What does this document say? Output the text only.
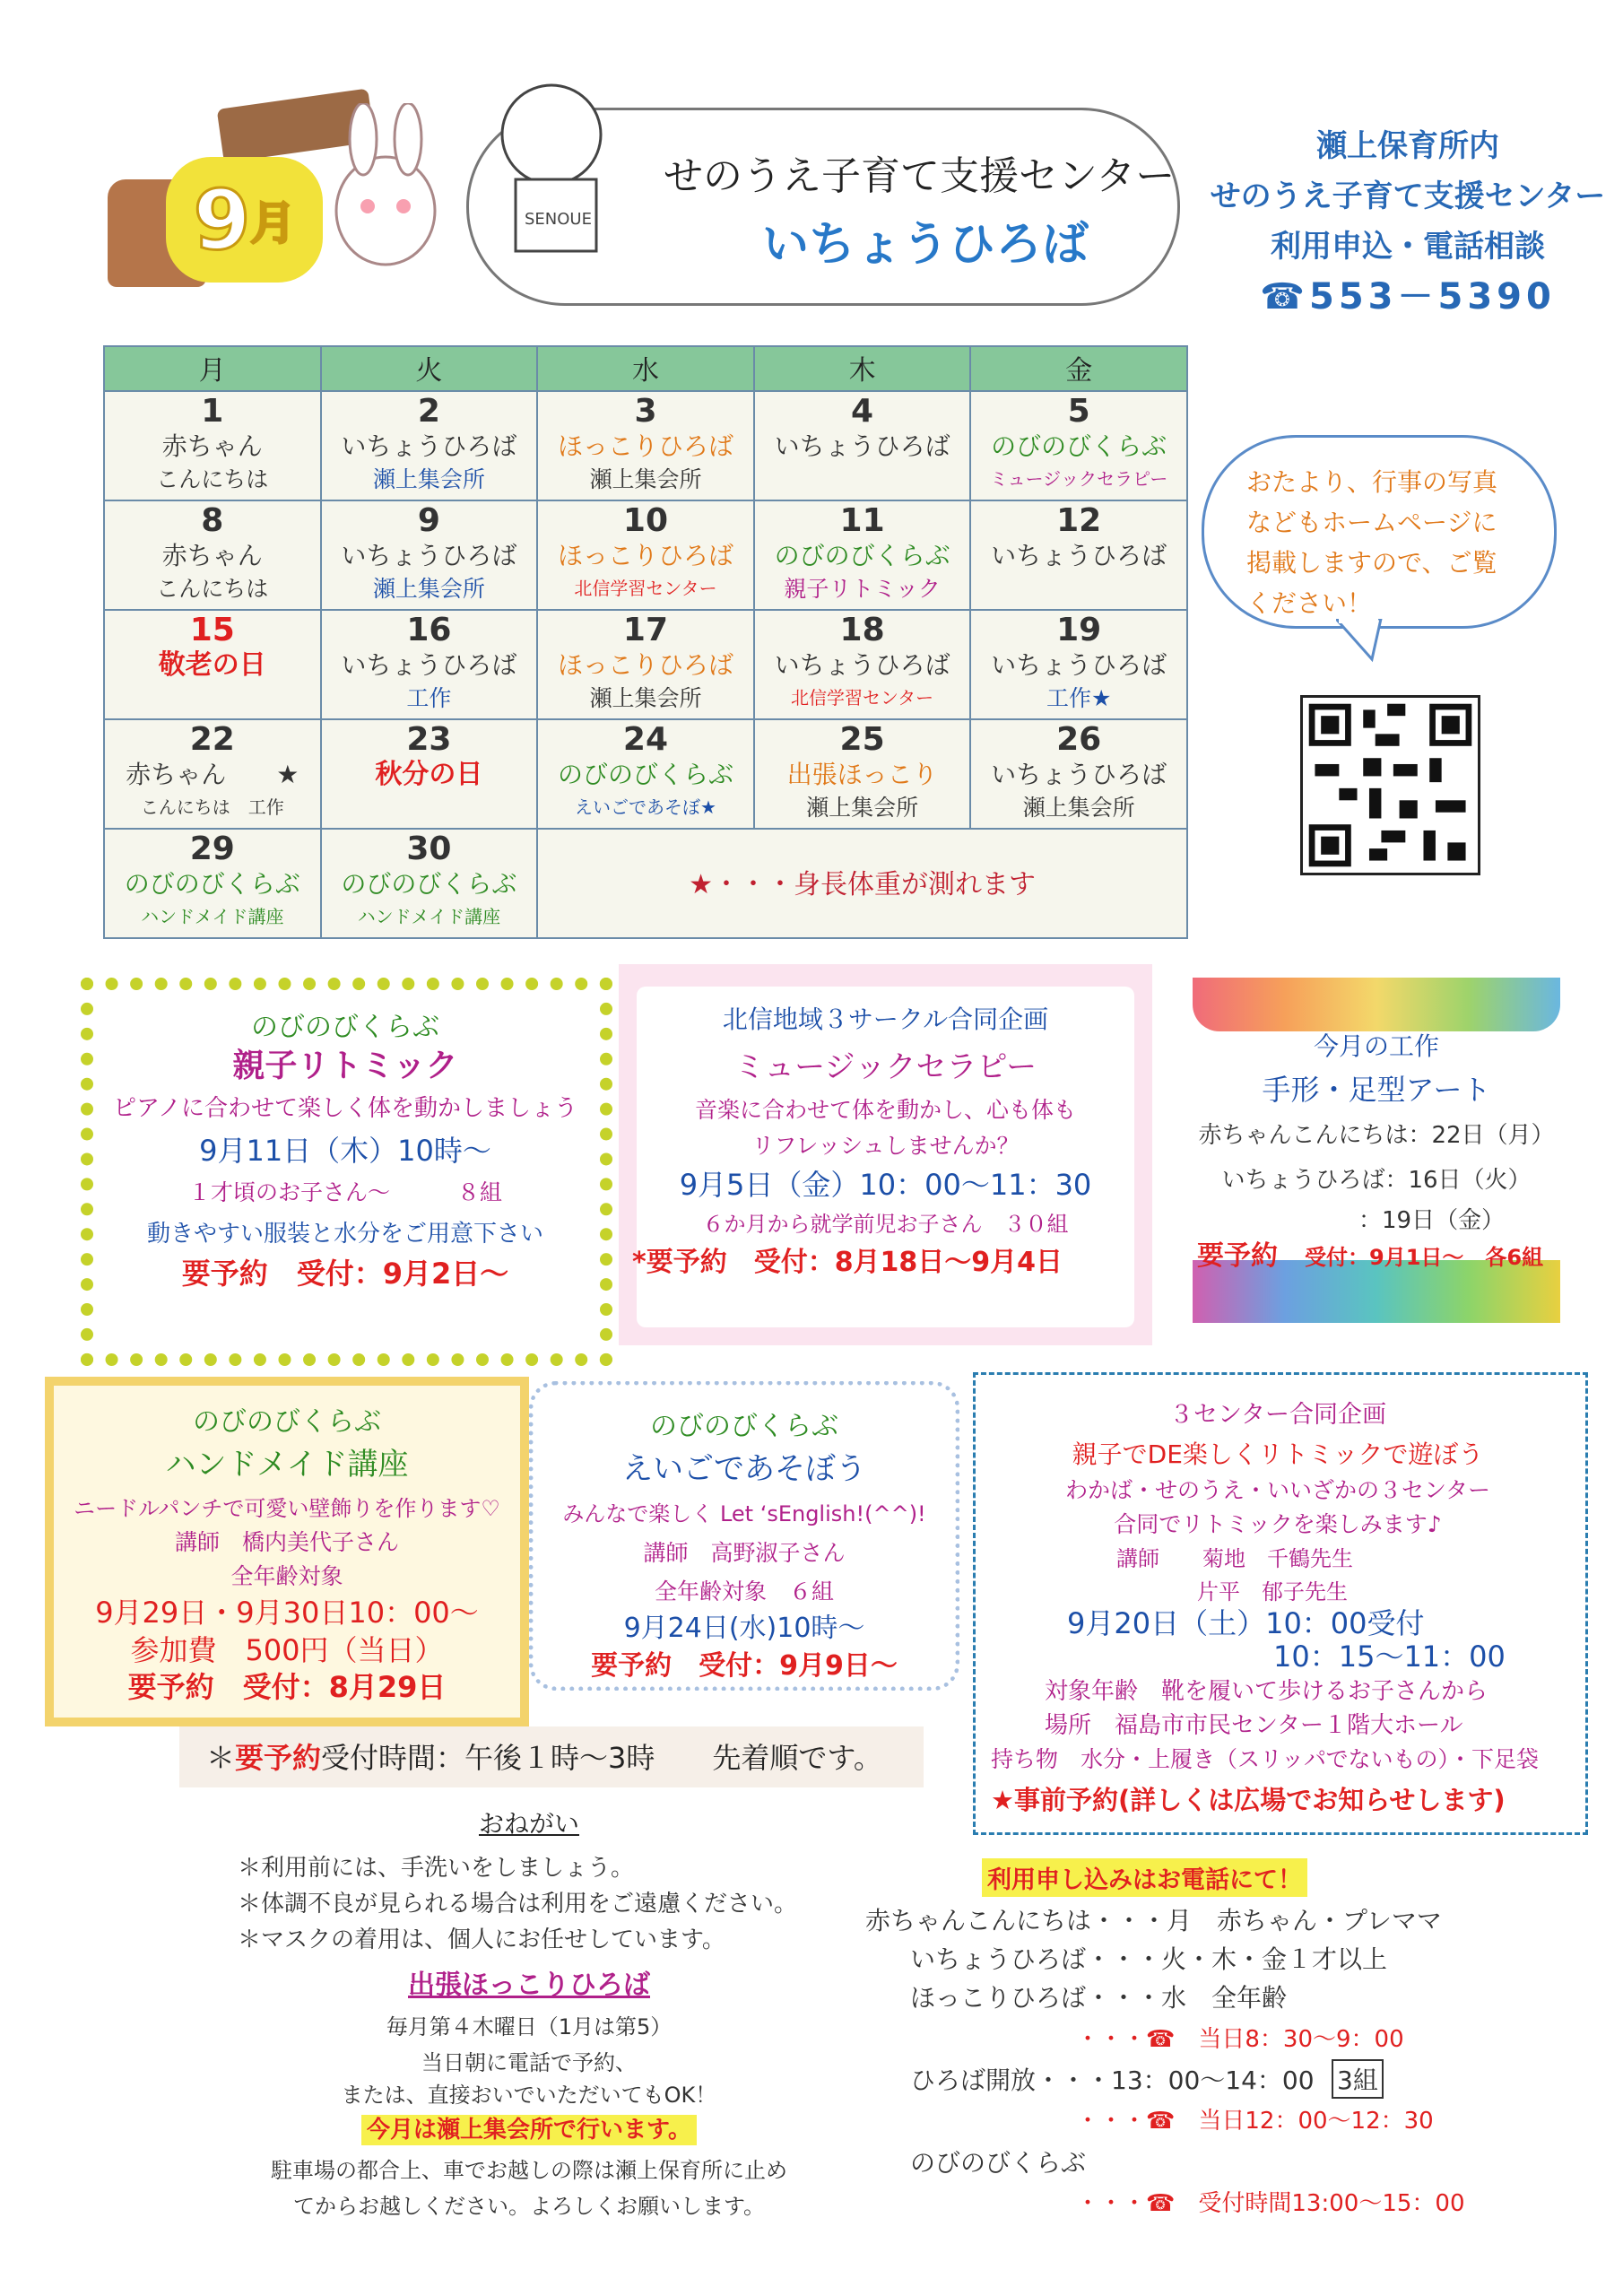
9 月	SENOUE
せのうえ子育て支援センター
いちょうひろば
瀬上保育所内
せのうえ子育て支援センター
利用申込・電話相談
☎553－5390
月	火	水	木	金

1
赤ちゃん
こんにちは	2
いちょうひろば
瀬上集会所	3
ほっこりひろば
瀬上集会所	4
いちょうひろば	5
のびのびくらぶ
ミュージックセラピー

8
赤ちゃん
こんにちは	9
いちょうひろば
瀬上集会所	10
ほっこりひろば
北信学習センター	11
のびのびくらぶ
親子リトミック	12
いちょうひろば

15
敬老の日	16
いちょうひろば
工作	17
ほっこりひろば
瀬上集会所	18
いちょうひろば
北信学習センター	19
いちょうひろば
工作★

22
赤ちゃん　　★
こんにちは　工作	23
秋分の日	24
のびのびくらぶ
えいごであそぼ★	25
出張ほっこり
瀬上集会所	26
いちょうひろば
瀬上集会所

29
のびのびくらぶ
ハンドメイド講座	30
のびのびくらぶ
ハンドメイド講座	★・・・身長体重が測れます		
おたより、行事の写真などもホームページに掲載しますので、ご覧ください！
のびのびくらぶ
親子リトミック
ピアノに合わせて楽しく体を動かしましょう
9月11日（木）10時～
１才頃のお子さん～　　　８組
動きやすい服装と水分をご用意下さい
要予約　受付：9月2日～
北信地域３サークル合同企画
ミュージックセラピー
音楽に合わせて体を動かし、心も体も
リフレッシュしませんか？
9月5日（金）10：00～11：30
６か月から就学前児お子さん　３０組
*要予約　受付：8月18日～9月4日
今月の工作
手形・足型アート
赤ちゃんこんにちは：22日（月）
いちょうひろば：16日（火）
：19日（金）
要予約　 受付：9月1日～　各6組
のびのびくらぶ
ハンドメイド講座
ニードルパンチで可愛い壁飾りを作ります♡
講師　橋内美代子さん
全年齢対象
9月29日・9月30日10：00～
参加費　500円（当日）
要予約　受付：8月29日
のびのびくらぶ
えいごであそぼう
みんなで楽しく Let ‘sEnglish!(^^)!
講師　高野淑子さん
全年齢対象　６組
9月24日(水)10時～
要予約　受付：9月9日～
３センター合同企画
親子でDE楽しくリトミックで遊ぼう
わかば・せのうえ・いいざかの３センター
合同でリトミックを楽しみます♪
講師　　菊地　千鶴先生
片平　郁子先生
9月20日（土）10：00受付
10：15～11：00
対象年齢　靴を履いて歩けるお子さんから
場所　福島市市民センター１階大ホール
持ち物　水分・上履き（スリッパでないもの）・下足袋
★事前予約(詳しくは広場でお知らせします)
＊要予約受付時間：午後１時～3時　　先着順です。
おねがい
＊利用前には、手洗いをしましょう。
＊体調不良が見られる場合は利用をご遠慮ください。
＊マスクの着用は、個人にお任せしています。
出張ほっこりひろば
毎月第４木曜日（1月は第5）
当日朝に電話で予約、
または、直接おいでいただいてもOK！
今月は瀬上集会所で行います。
駐車場の都合上、車でお越しの際は瀬上保育所に止め
てからお越しください。よろしくお願いします。
利用申し込みはお電話にて！
赤ちゃんこんにちは・・・月　赤ちゃん・プレママ
いちょうひろば・・・火・木・金１才以上
ほっこりひろば・・・水　全年齢
・・・☎　当日8：30～9：00
ひろば開放・・・13：00～14：00 3組
・・・☎　当日12：00～12：30
のびのびくらぶ
・・・☎　受付時間13:00～15：00
